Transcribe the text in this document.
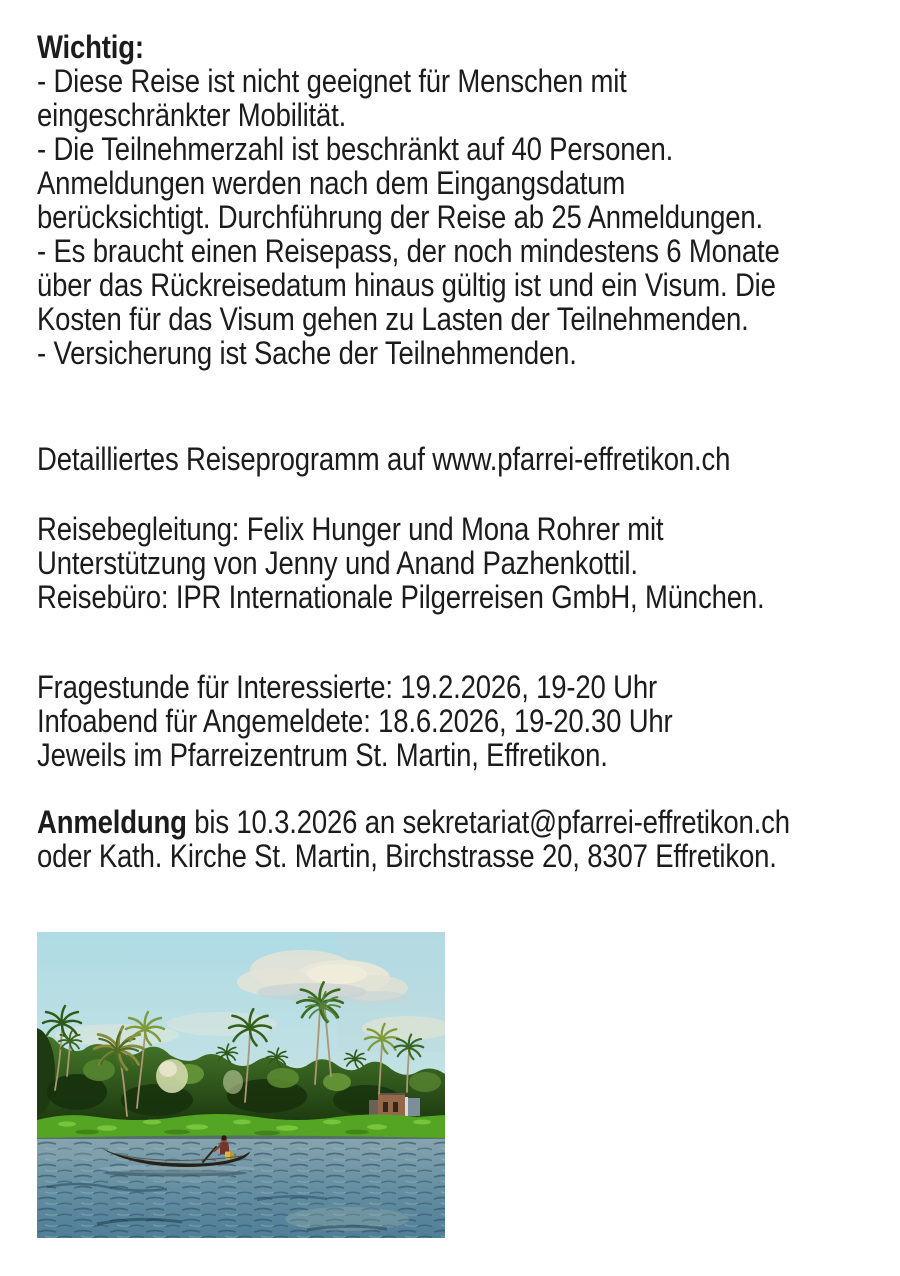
Wichtig:
- Diese Reise ist nicht geeignet für Menschen mit
eingeschränkter Mobilität.
- Die Teilnehmerzahl ist beschränkt auf 40 Personen.
Anmeldungen werden nach dem Eingangsdatum
berücksichtigt. Durchführung der Reise ab 25 Anmeldungen.
- Es braucht einen Reisepass, der noch mindestens 6 Monate
über das Rückreisedatum hinaus gültig ist und ein Visum. Die
Kosten für das Visum gehen zu Lasten der Teilnehmenden.
- Versicherung ist Sache der Teilnehmenden.

Detailliertes Reiseprogramm auf www.pfarrei-effretikon.ch

Reisebegleitung: Felix Hunger und Mona Rohrer mit
Unterstützung von Jenny und Anand Pazhenkottil.
Reisebüro: IPR Internationale Pilgerreisen GmbH, München.

Fragestunde für Interessierte: 19.2.2026, 19-20 Uhr
Infoabend für Angemeldete: 18.6.2026, 19-20.30 Uhr
Jeweils im Pfarreizentrum St. Martin, Effretikon.

Anmeldung bis 10.3.2026 an sekretariat@pfarrei-effretikon.ch
oder Kath. Kirche St. Martin, Birchstrasse 20, 8307 Effretikon.
